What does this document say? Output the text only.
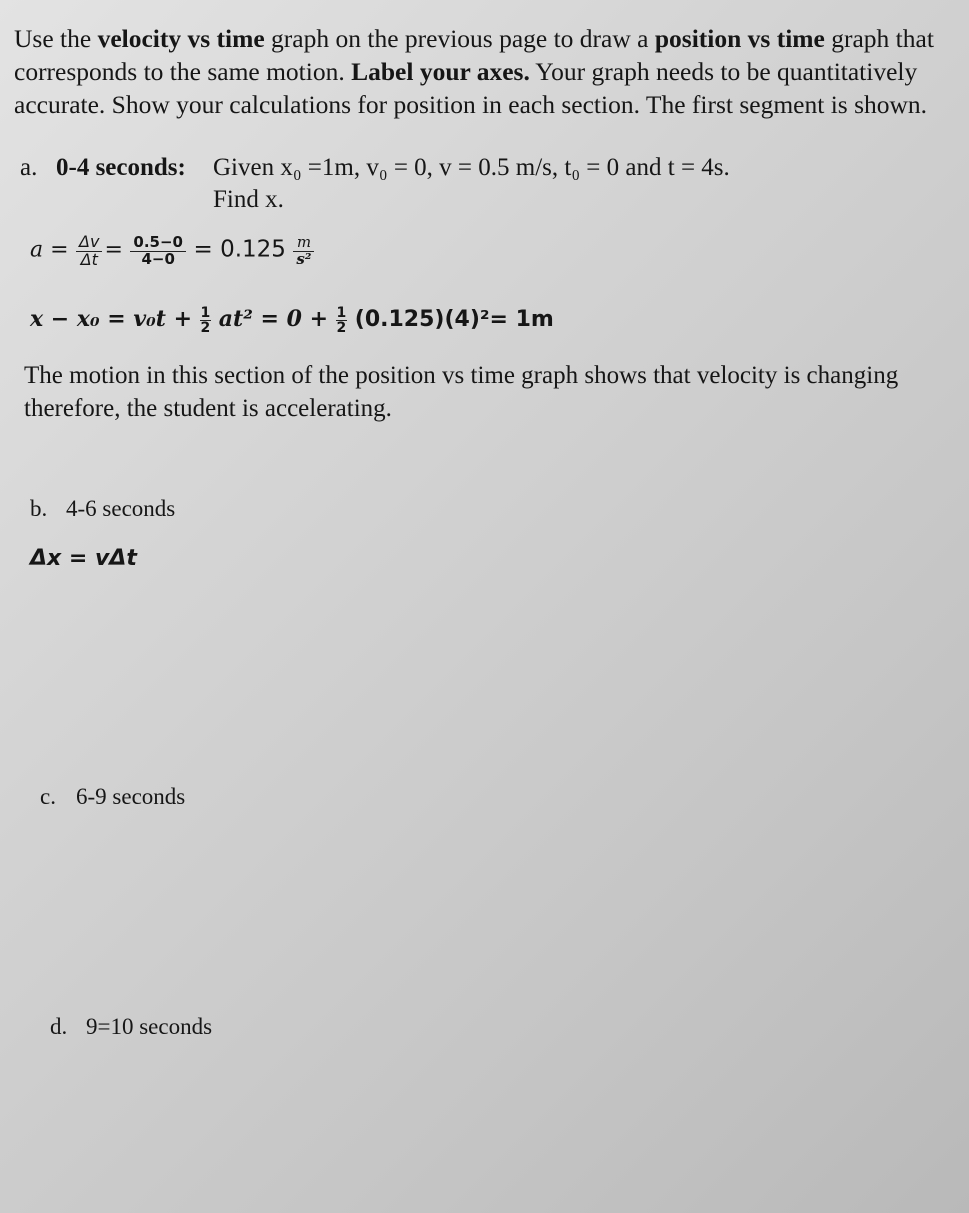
Use the velocity vs time graph on the previous page to draw a position vs time graph that
corresponds to the same motion. Label your axes. Your graph needs to be quantitatively
accurate. Show your calculations for position in each section. The first segment is shown.
a. 0-4 seconds: Given x₀ =1m, v₀ = 0, v = 0.5 m/s, t₀ = 0 and t = 4s.
Find x.
$a = \frac{\Delta v}{\Delta t} = \frac{0.5-0}{4-0} = 0.125 \frac{m}{\text{s²}}$
$x - x_0 = v_0t + \frac{1}{2} at^2 = 0 + \frac{1}{2} (0.125)(4)^2= 1m$
The motion in this section of the position vs time graph shows that velocity is changing
therefore, the student is accelerating.
b. 4-6 seconds
Δx = vΔt
c. 6-9 seconds
d. 9=10 seconds
